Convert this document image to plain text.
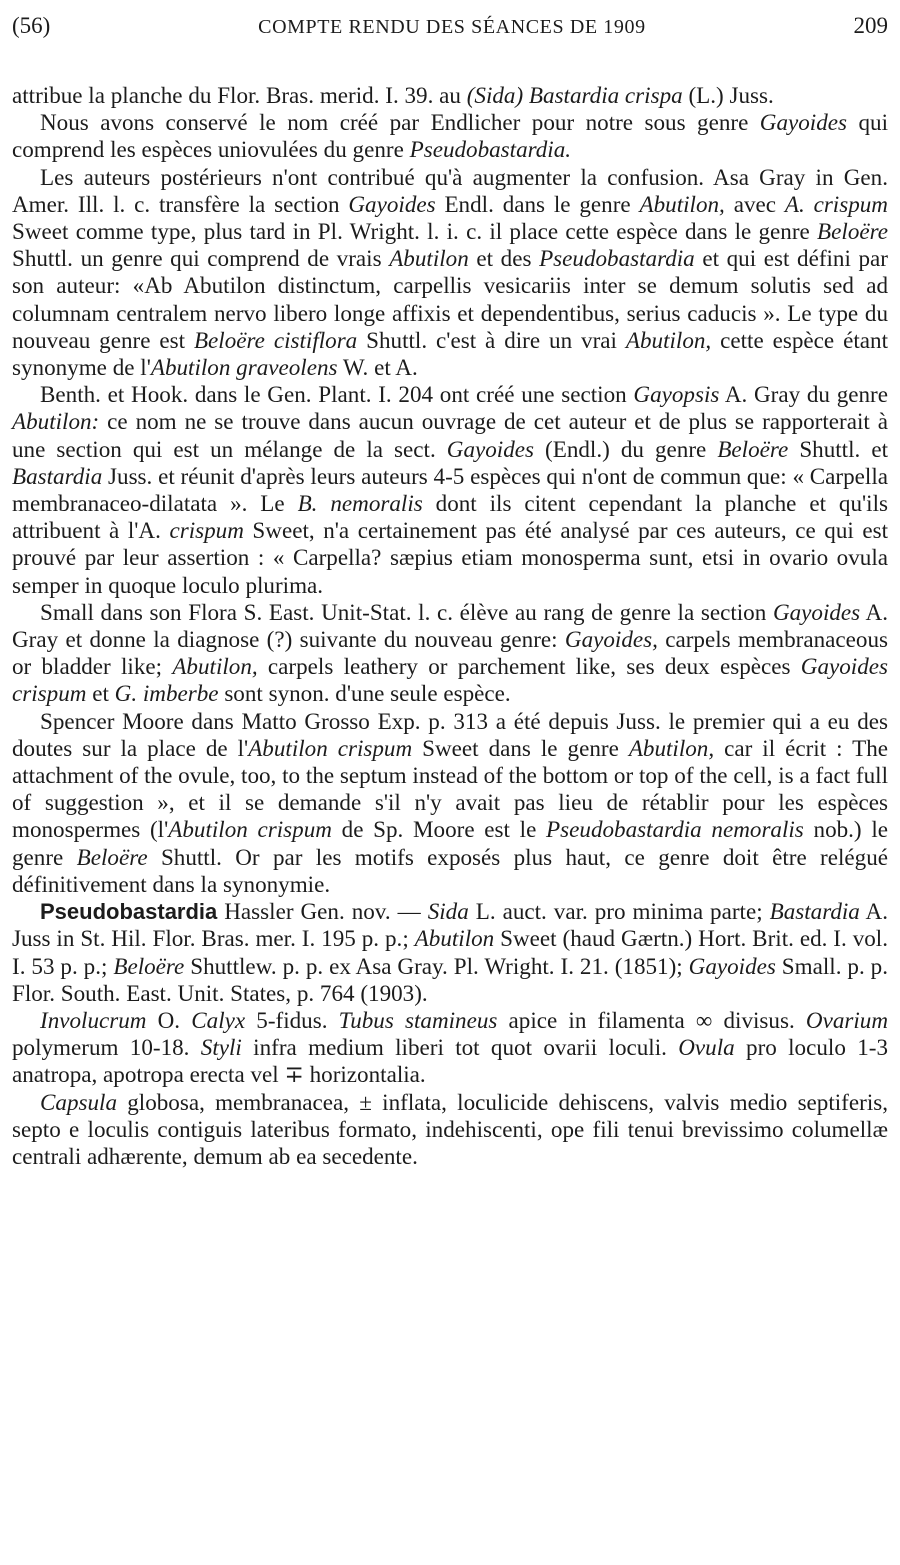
(56)	COMPTE RENDU DES SÉANCES DE 1909	209

attribue la planche du Flor. Bras. merid. I. 39. au (Sida) Bastardia crispa (L.) Juss.

Nous avons conservé le nom créé par Endlicher pour notre sous genre Gayoides qui comprend les espèces uniovulées du genre Pseudobastardia.

Les auteurs postérieurs n'ont contribué qu'à augmenter la confusion. Asa Gray in Gen. Amer. Ill. l. c. transfère la section Gayoides Endl. dans le genre Abutilon, avec A. crispum Sweet comme type, plus tard in Pl. Wright. l. i. c. il place cette espèce dans le genre Beloëre Shuttl. un genre qui comprend de vrais Abutilon et des Pseudobastardia et qui est défini par son auteur: «Ab Abutilon distinctum, carpellis vesicariis inter se demum solutis sed ad columnam centralem nervo libero longe affixis et dependentibus, serius caducis ». Le type du nouveau genre est Beloëre cistiflora Shuttl. c'est à dire un vrai Abutilon, cette espèce étant synonyme de l'Abutilon graveolens W. et A.

Benth. et Hook. dans le Gen. Plant. I. 204 ont créé une section Gayopsis A. Gray du genre Abutilon: ce nom ne se trouve dans aucun ouvrage de cet auteur et de plus se rapporterait à une section qui est un mélange de la sect. Gayoides (Endl.) du genre Beloëre Shuttl. et Bastardia Juss. et réunit d'après leurs auteurs 4-5 espèces qui n'ont de commun que: « Carpella membranaceo-dilatata ». Le B. nemoralis dont ils citent cependant la planche et qu'ils attribuent à l'A. crispum Sweet, n'a certainement pas été analysé par ces auteurs, ce qui est prouvé par leur assertion : « Carpella? sæpius etiam monosperma sunt, etsi in ovario ovula semper in quoque loculo plurima.

Small dans son Flora S. East. Unit-Stat. l. c. élève au rang de genre la section Gayoides A. Gray et donne la diagnose (?) suivante du nouveau genre: Gayoides, carpels membranaceous or bladder like; Abutilon, carpels leathery or parchement like, ses deux espèces Gayoides crispum et G. imberbe sont synon. d'une seule espèce.

Spencer Moore dans Matto Grosso Exp. p. 313 a été depuis Juss. le premier qui a eu des doutes sur la place de l'Abutilon crispum Sweet dans le genre Abutilon, car il écrit : The attachment of the ovule, too, to the septum instead of the bottom or top of the cell, is a fact full of suggestion », et il se demande s'il n'y avait pas lieu de rétablir pour les espèces monospermes (l'Abutilon crispum de Sp. Moore est le Pseudobastardia nemoralis nob.) le genre Beloëre Shuttl. Or par les motifs exposés plus haut, ce genre doit être relégué définitivement dans la synonymie.

Pseudobastardia Hassler Gen. nov. — Sida L. auct. var. pro minima parte; Bastardia A. Juss in St. Hil. Flor. Bras. mer. I. 195 p. p.; Abutilon Sweet (haud Gærtn.) Hort. Brit. ed. I. vol. I. 53 p. p.; Beloëre Shuttlew. p. p. ex Asa Gray. Pl. Wright. I. 21. (1851); Gayoides Small. p. p. Flor. South. East. Unit. States, p. 764 (1903).

Involucrum O. Calyx 5-fidus. Tubus stamineus apice in filamenta ∞ divisus. Ovarium polymerum 10-18. Styli infra medium liberi tot quot ovarii loculi. Ovula pro loculo 1-3 anatropa, apotropa erecta vel ∓ horizontalia.

Capsula globosa, membranacea, ± inflata, loculicide dehiscens, valvis medio septiferis, septo e loculis contiguis lateribus formato, indehiscenti, ope fili tenui brevissimo columellæ centrali adhærente, demum ab ea secedente.
